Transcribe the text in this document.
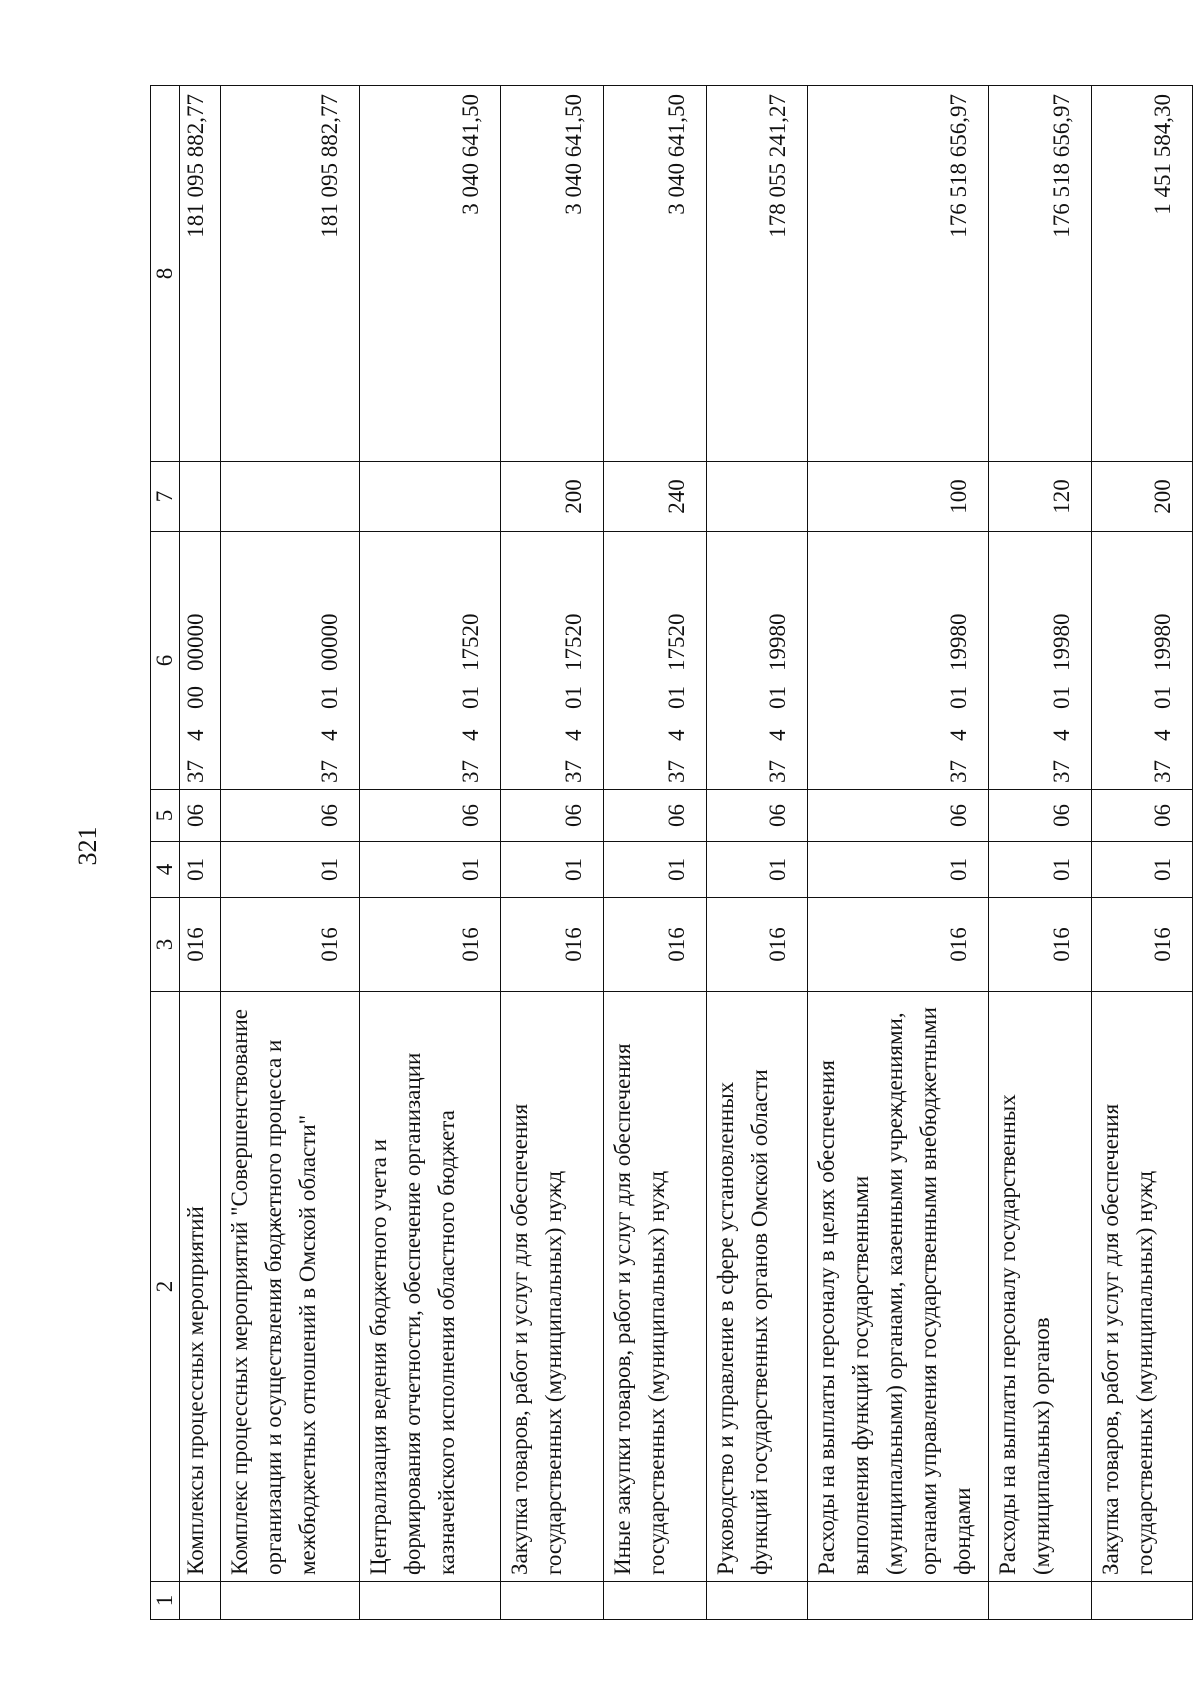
321
1	2	3	4	5	6	7	8
	Комплексы процессных мероприятий	016	01	06	3740000000		181 095 882,77
	Комплекс процессных мероприятий "Совершенствование организации и осуществления бюджетного процесса и межбюджетных отношений в Омской области"	016	01	06	3740100000		181 095 882,77
	Централизация ведения бюджетного учета и формирования отчетности, обеспечение организации казначейского исполнения областного бюджета	016	01	06	3740117520		3 040 641,50
	Закупка товаров, работ и услуг для обеспечения государственных (муниципальных) нужд	016	01	06	3740117520	200	3 040 641,50
	Иные закупки товаров, работ и услуг для обеспечения государственных (муниципальных) нужд	016	01	06	3740117520	240	3 040 641,50
	Руководство и управление в сфере установленных функций государственных органов Омской области	016	01	06	3740119980		178 055 241,27
	Расходы на выплаты персоналу в целях обеспечения выполнения функций государственными (муниципальными) органами, казенными учреждениями, органами управления государственными внебюджетными фондами	016	01	06	3740119980	100	176 518 656,97
	Расходы на выплаты персоналу государственных (муниципальных) органов	016	01	06	3740119980	120	176 518 656,97
	Закупка товаров, работ и услуг для обеспечения государственных (муниципальных) нужд	016	01	06	3740119980	200	1 451 584,30
